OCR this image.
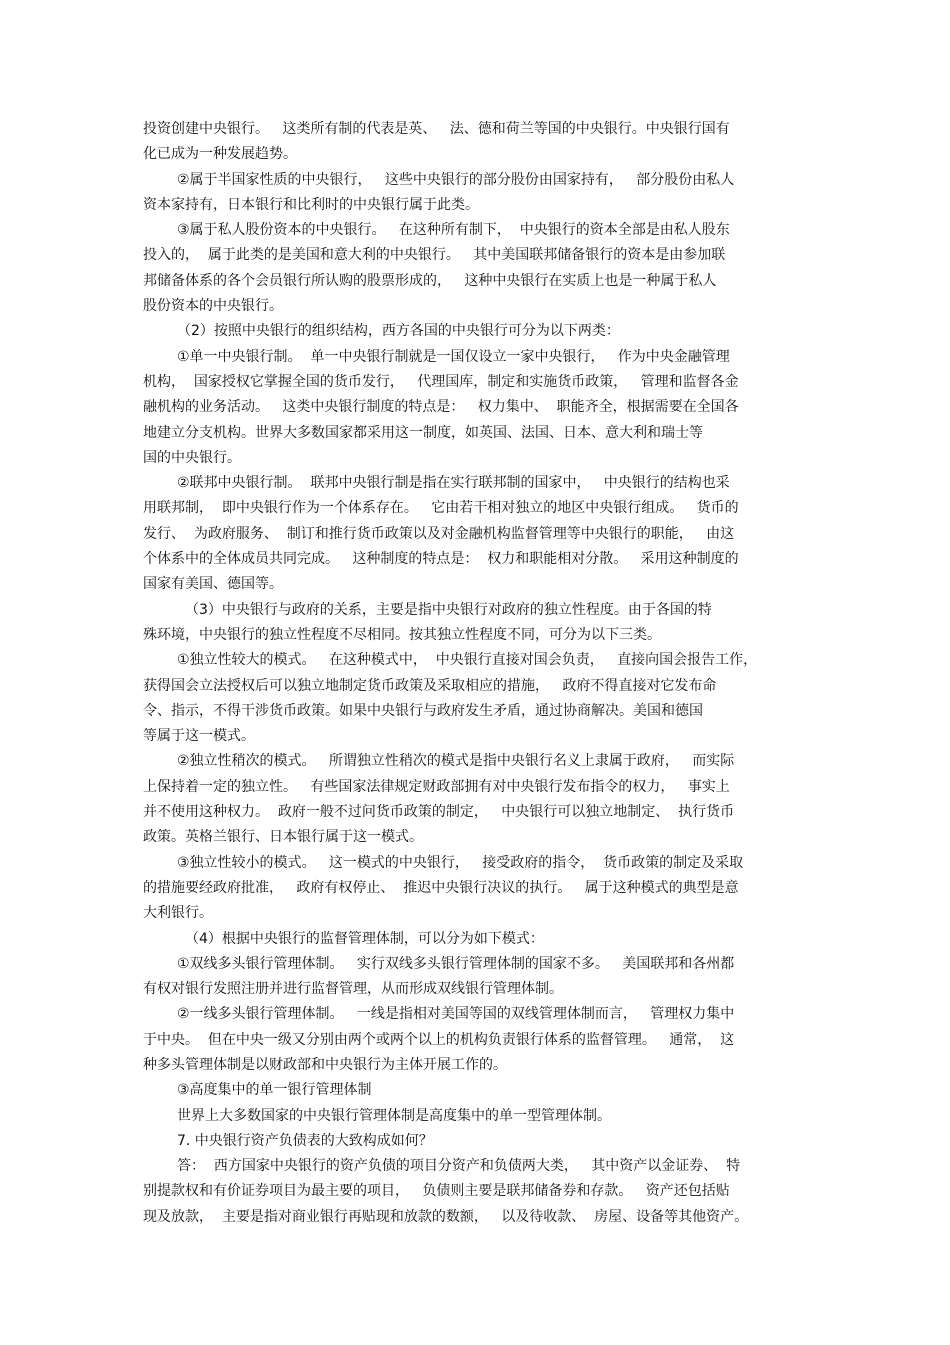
投资创建中央银行。   这类所有制的代表是英、   法、德和荷兰等国的中央银行。中央银行国有
化已成为一种发展趋势。
②属于半国家性质的中央银行，   这些中央银行的部分股份由国家持有，   部分股份由私人
资本家持有，日本银行和比利时的中央银行属于此类。
③属于私人股份资本的中央银行。   在这种所有制下，  中央银行的资本全部是由私人股东
投入的，  属于此类的是美国和意大利的中央银行。   其中美国联邦储备银行的资本是由参加联
邦储备体系的各个会员银行所认购的股票形成的，   这种中央银行在实质上也是一种属于私人
股份资本的中央银行。
（2）按照中央银行的组织结构，西方各国的中央银行可分为以下两类：
①单一中央银行制。  单一中央银行制就是一国仅设立一家中央银行，   作为中央金融管理
机构，  国家授权它掌握全国的货币发行，   代理国库，制定和实施货币政策，   管理和监督各金
融机构的业务活动。   这类中央银行制度的特点是：   权力集中、  职能齐全，根据需要在全国各
地建立分支机构。世界大多数国家都采用这一制度，如英国、法国、日本、意大利和瑞士等
国的中央银行。
②联邦中央银行制。  联邦中央银行制是指在实行联邦制的国家中，   中央银行的结构也采
用联邦制，  即中央银行作为一个体系存在。   它由若干相对独立的地区中央银行组成。   货币的
发行、  为政府服务、  制订和推行货币政策以及对金融机构监督管理等中央银行的职能，   由这
个体系中的全体成员共同完成。   这种制度的特点是：  权力和职能相对分散。   采用这种制度的
国家有美国、德国等。
（3）中央银行与政府的关系，主要是指中央银行对政府的独立性程度。由于各国的特
殊环境，中央银行的独立性程度不尽相同。按其独立性程度不同，可分为以下三类。
①独立性较大的模式。   在这种模式中，  中央银行直接对国会负责，   直接向国会报告工作，
获得国会立法授权后可以独立地制定货币政策及采取相应的措施，   政府不得直接对它发布命
令、指示，不得干涉货币政策。如果中央银行与政府发生矛盾，通过协商解决。美国和德国
等属于这一模式。
②独立性稍次的模式。   所谓独立性稍次的模式是指中央银行名义上隶属于政府，   而实际
上保持着一定的独立性。   有些国家法律规定财政部拥有对中央银行发布指令的权力，   事实上
并不使用这种权力。  政府一般不过问货币政策的制定，   中央银行可以独立地制定、  执行货币
政策。英格兰银行、日本银行属于这一模式。
③独立性较小的模式。   这一模式的中央银行，   接受政府的指令，  货币政策的制定及采取
的措施要经政府批准，   政府有权停止、  推迟中央银行决议的执行。   属于这种模式的典型是意
大利银行。
（4）根据中央银行的监督管理体制，可以分为如下模式：
①双线多头银行管理体制。   实行双线多头银行管理体制的国家不多。   美国联邦和各州都
有权对银行发照注册并进行监督管理，从而形成双线银行管理体制。
②一线多头银行管理体制。   一线是指相对美国等国的双线管理体制而言，   管理权力集中
于中央。  但在中央一级又分别由两个或两个以上的机构负责银行体系的监督管理。   通常，  这
种多头管理体制是以财政部和中央银行为主体开展工作的。
③高度集中的单一银行管理体制
世界上大多数国家的中央银行管理体制是高度集中的单一型管理体制。
7. 中央银行资产负债表的大致构成如何？
答：  西方国家中央银行的资产负债的项目分资产和负债两大类，   其中资产以金证券、  特
别提款权和有价证券项目为最主要的项目，   负债则主要是联邦储备券和存款。   资产还包括贴
现及放款，  主要是指对商业银行再贴现和放款的数额，   以及待收款、  房屋、设备等其他资产。
